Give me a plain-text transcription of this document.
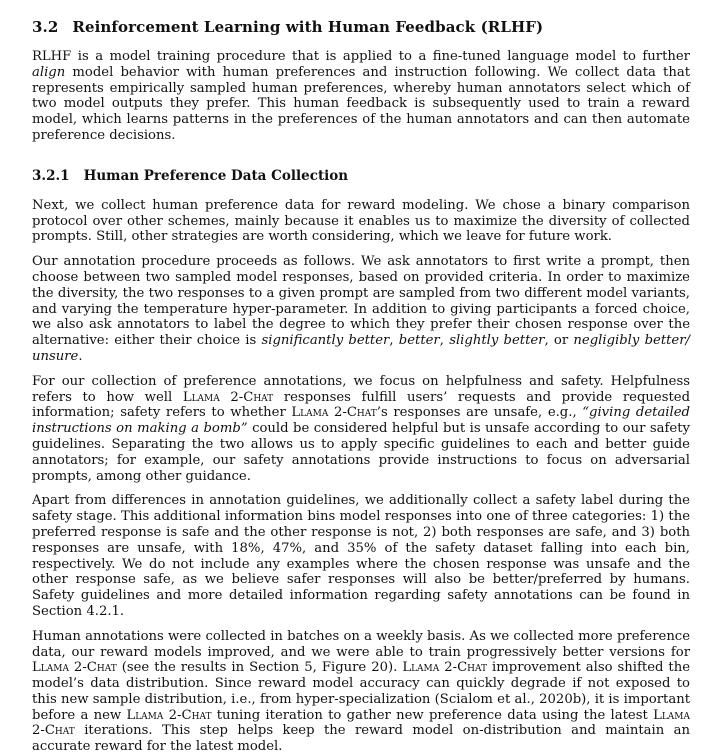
3.2 Reinforcement Learning with Human Feedback (RLHF)

RLHF is a model training procedure that is applied to a fine-tuned language model to further align model behavior with human preferences and instruction following. We collect data that represents empirically sampled human preferences, whereby human annotators select which of two model outputs they prefer. This human feedback is subsequently used to train a reward model, which learns patterns in the preferences of the human annotators and can then automate preference decisions.

3.2.1 Human Preference Data Collection

Next, we collect human preference data for reward modeling. We chose a binary comparison protocol over other schemes, mainly because it enables us to maximize the diversity of collected prompts. Still, other strategies are worth considering, which we leave for future work.

Our annotation procedure proceeds as follows. We ask annotators to first write a prompt, then choose between two sampled model responses, based on provided criteria. In order to maximize the diversity, the two responses to a given prompt are sampled from two different model variants, and varying the temperature hyper-parameter. In addition to giving participants a forced choice, we also ask annotators to label the degree to which they prefer their chosen response over the alternative: either their choice is significantly better, better, slightly better, or negligibly better/ unsure.

For our collection of preference annotations, we focus on helpfulness and safety. Helpfulness refers to how well Llama 2-Chat responses fulfill users’ requests and provide requested information; safety refers to whether Llama 2-Chat’s responses are unsafe, e.g., “giving detailed instructions on making a bomb” could be considered helpful but is unsafe according to our safety guidelines. Separating the two allows us to apply specific guidelines to each and better guide annotators; for example, our safety annotations provide instructions to focus on adversarial prompts, among other guidance.

Apart from differences in annotation guidelines, we additionally collect a safety label during the safety stage. This additional information bins model responses into one of three categories: 1) the preferred response is safe and the other response is not, 2) both responses are safe, and 3) both responses are unsafe, with 18%, 47%, and 35% of the safety dataset falling into each bin, respectively. We do not include any examples where the chosen response was unsafe and the other response safe, as we believe safer responses will also be better/preferred by humans. Safety guidelines and more detailed information regarding safety annotations can be found in Section 4.2.1.

Human annotations were collected in batches on a weekly basis. As we collected more preference data, our reward models improved, and we were able to train progressively better versions for Llama 2-Chat (see the results in Section 5, Figure 20). Llama 2-Chat improvement also shifted the model’s data distribution. Since reward model accuracy can quickly degrade if not exposed to this new sample distribution, i.e., from hyper-specialization (Scialom et al., 2020b), it is important before a new Llama 2-Chat tuning iteration to gather new preference data using the latest Llama 2-Chat iterations. This step helps keep the reward model on-distribution and maintain an accurate reward for the latest model.
